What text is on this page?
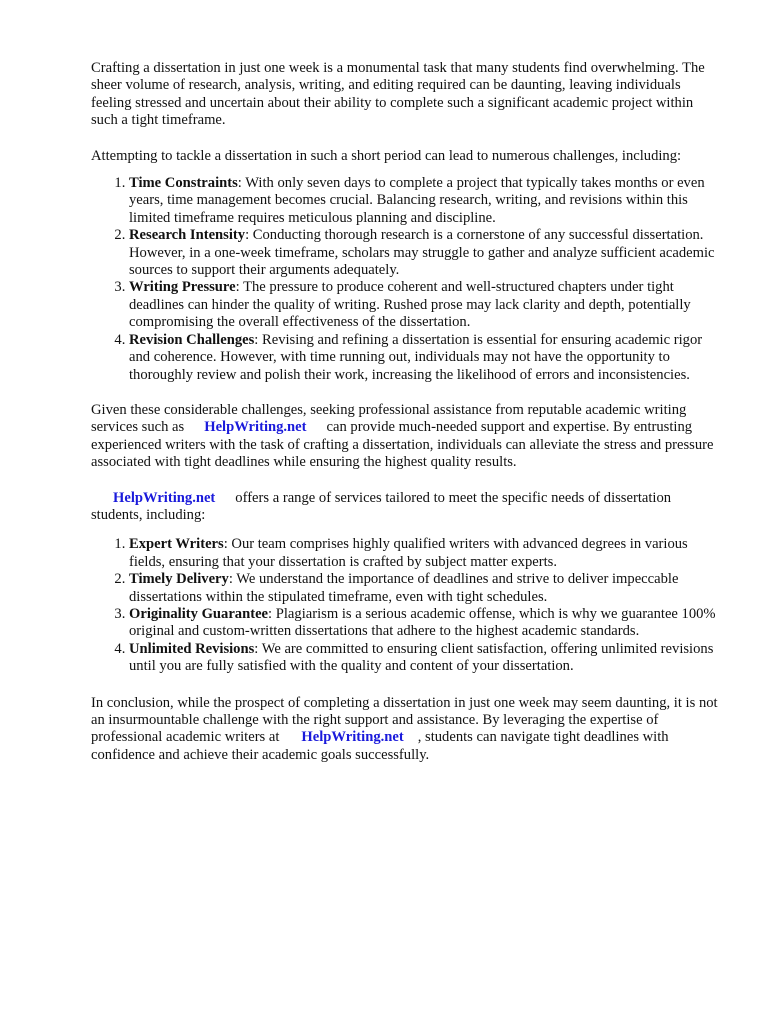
Crafting a dissertation in just one week is a monumental task that many students find overwhelming. The sheer volume of research, analysis, writing, and editing required can be daunting, leaving individuals feeling stressed and uncertain about their ability to complete such a significant academic project within such a tight timeframe.

Attempting to tackle a dissertation in such a short period can lead to numerous challenges, including:

1. Time Constraints: With only seven days to complete a project that typically takes months or even years, time management becomes crucial. Balancing research, writing, and revisions within this limited timeframe requires meticulous planning and discipline.
2. Research Intensity: Conducting thorough research is a cornerstone of any successful dissertation. However, in a one-week timeframe, scholars may struggle to gather and analyze sufficient academic sources to support their arguments adequately.
3. Writing Pressure: The pressure to produce coherent and well-structured chapters under tight deadlines can hinder the quality of writing. Rushed prose may lack clarity and depth, potentially compromising the overall effectiveness of the dissertation.
4. Revision Challenges: Revising and refining a dissertation is essential for ensuring academic rigor and coherence. However, with time running out, individuals may not have the opportunity to thoroughly review and polish their work, increasing the likelihood of errors and inconsistencies.

Given these considerable challenges, seeking professional assistance from reputable academic writing services such as HelpWriting.net can provide much-needed support and expertise. By entrusting experienced writers with the task of crafting a dissertation, individuals can alleviate the stress and pressure associated with tight deadlines while ensuring the highest quality results.

HelpWriting.net offers a range of services tailored to meet the specific needs of dissertation students, including:

1. Expert Writers: Our team comprises highly qualified writers with advanced degrees in various fields, ensuring that your dissertation is crafted by subject matter experts.
2. Timely Delivery: We understand the importance of deadlines and strive to deliver impeccable dissertations within the stipulated timeframe, even with tight schedules.
3. Originality Guarantee: Plagiarism is a serious academic offense, which is why we guarantee 100% original and custom-written dissertations that adhere to the highest academic standards.
4. Unlimited Revisions: We are committed to ensuring client satisfaction, offering unlimited revisions until you are fully satisfied with the quality and content of your dissertation.

In conclusion, while the prospect of completing a dissertation in just one week may seem daunting, it is not an insurmountable challenge with the right support and assistance. By leveraging the expertise of professional academic writers at HelpWriting.net , students can navigate tight deadlines with confidence and achieve their academic goals successfully.
